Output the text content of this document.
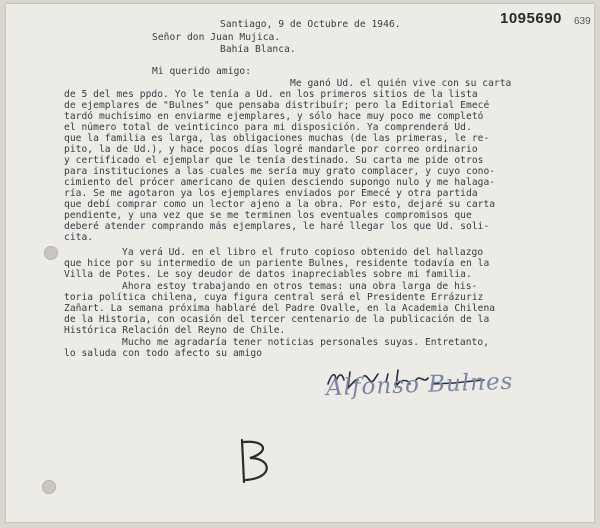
1095690 639
Santiago, 9 de Octubre de 1946.
Señor don Juan Mujica.
Bahía Blanca.
Mi querido amigo:
Me ganó Ud. el quién vive con su carta
de 5 del mes ppdo. Yo le tenía a Ud. en los primeros sitios de la lista
de ejemplares de "Bulnes" que pensaba distribuír; pero la Editorial Emecé
tardó muchísimo en enviarme ejemplares, y sólo hace muy poco me completó
el número total de veinticinco para mi disposición. Ya comprenderá Ud.
que la familia es larga, las obligaciones muchas (de las primeras, le re-
pito, la de Ud.), y hace pocos días logré mandarle por correo ordinario
y certificado el ejemplar que le tenía destinado. Su carta me pide otros
para instituciones a las cuales me sería muy grato complacer, y cuyo cono-
cimiento del prócer americano de quien desciendo supongo nulo y me halaga-
ría. Se me agotaron ya los ejemplares enviados por Emecé y otra partida
que debí comprar como un lector ajeno a la obra. Por esto, dejaré su carta
pendiente, y una vez que se me terminen los eventuales compromisos que
deberé atender comprando más ejemplares, le haré llegar los que Ud. soli-
cita.
Ya verá Ud. en el libro el fruto copioso obtenido del hallazgo
que hice por su intermedio de un pariente Bulnes, residente todavía en la
Villa de Potes. Le soy deudor de datos inapreciables sobre mi familia.
Ahora estoy trabajando en otros temas: una obra larga de his-
toria política chilena, cuya figura central será el Presidente Errázuriz
Zañart. La semana próxima hablaré del Padre Ovalle, en la Academia Chilena
de la Historia, con ocasión del tercer centenario de la publicación de la
Histórica Relación del Reyno de Chile.
Mucho me agradaría tener noticias personales suyas. Entretanto,
lo saluda con todo afecto su amigo
Alfonso Bulnes
